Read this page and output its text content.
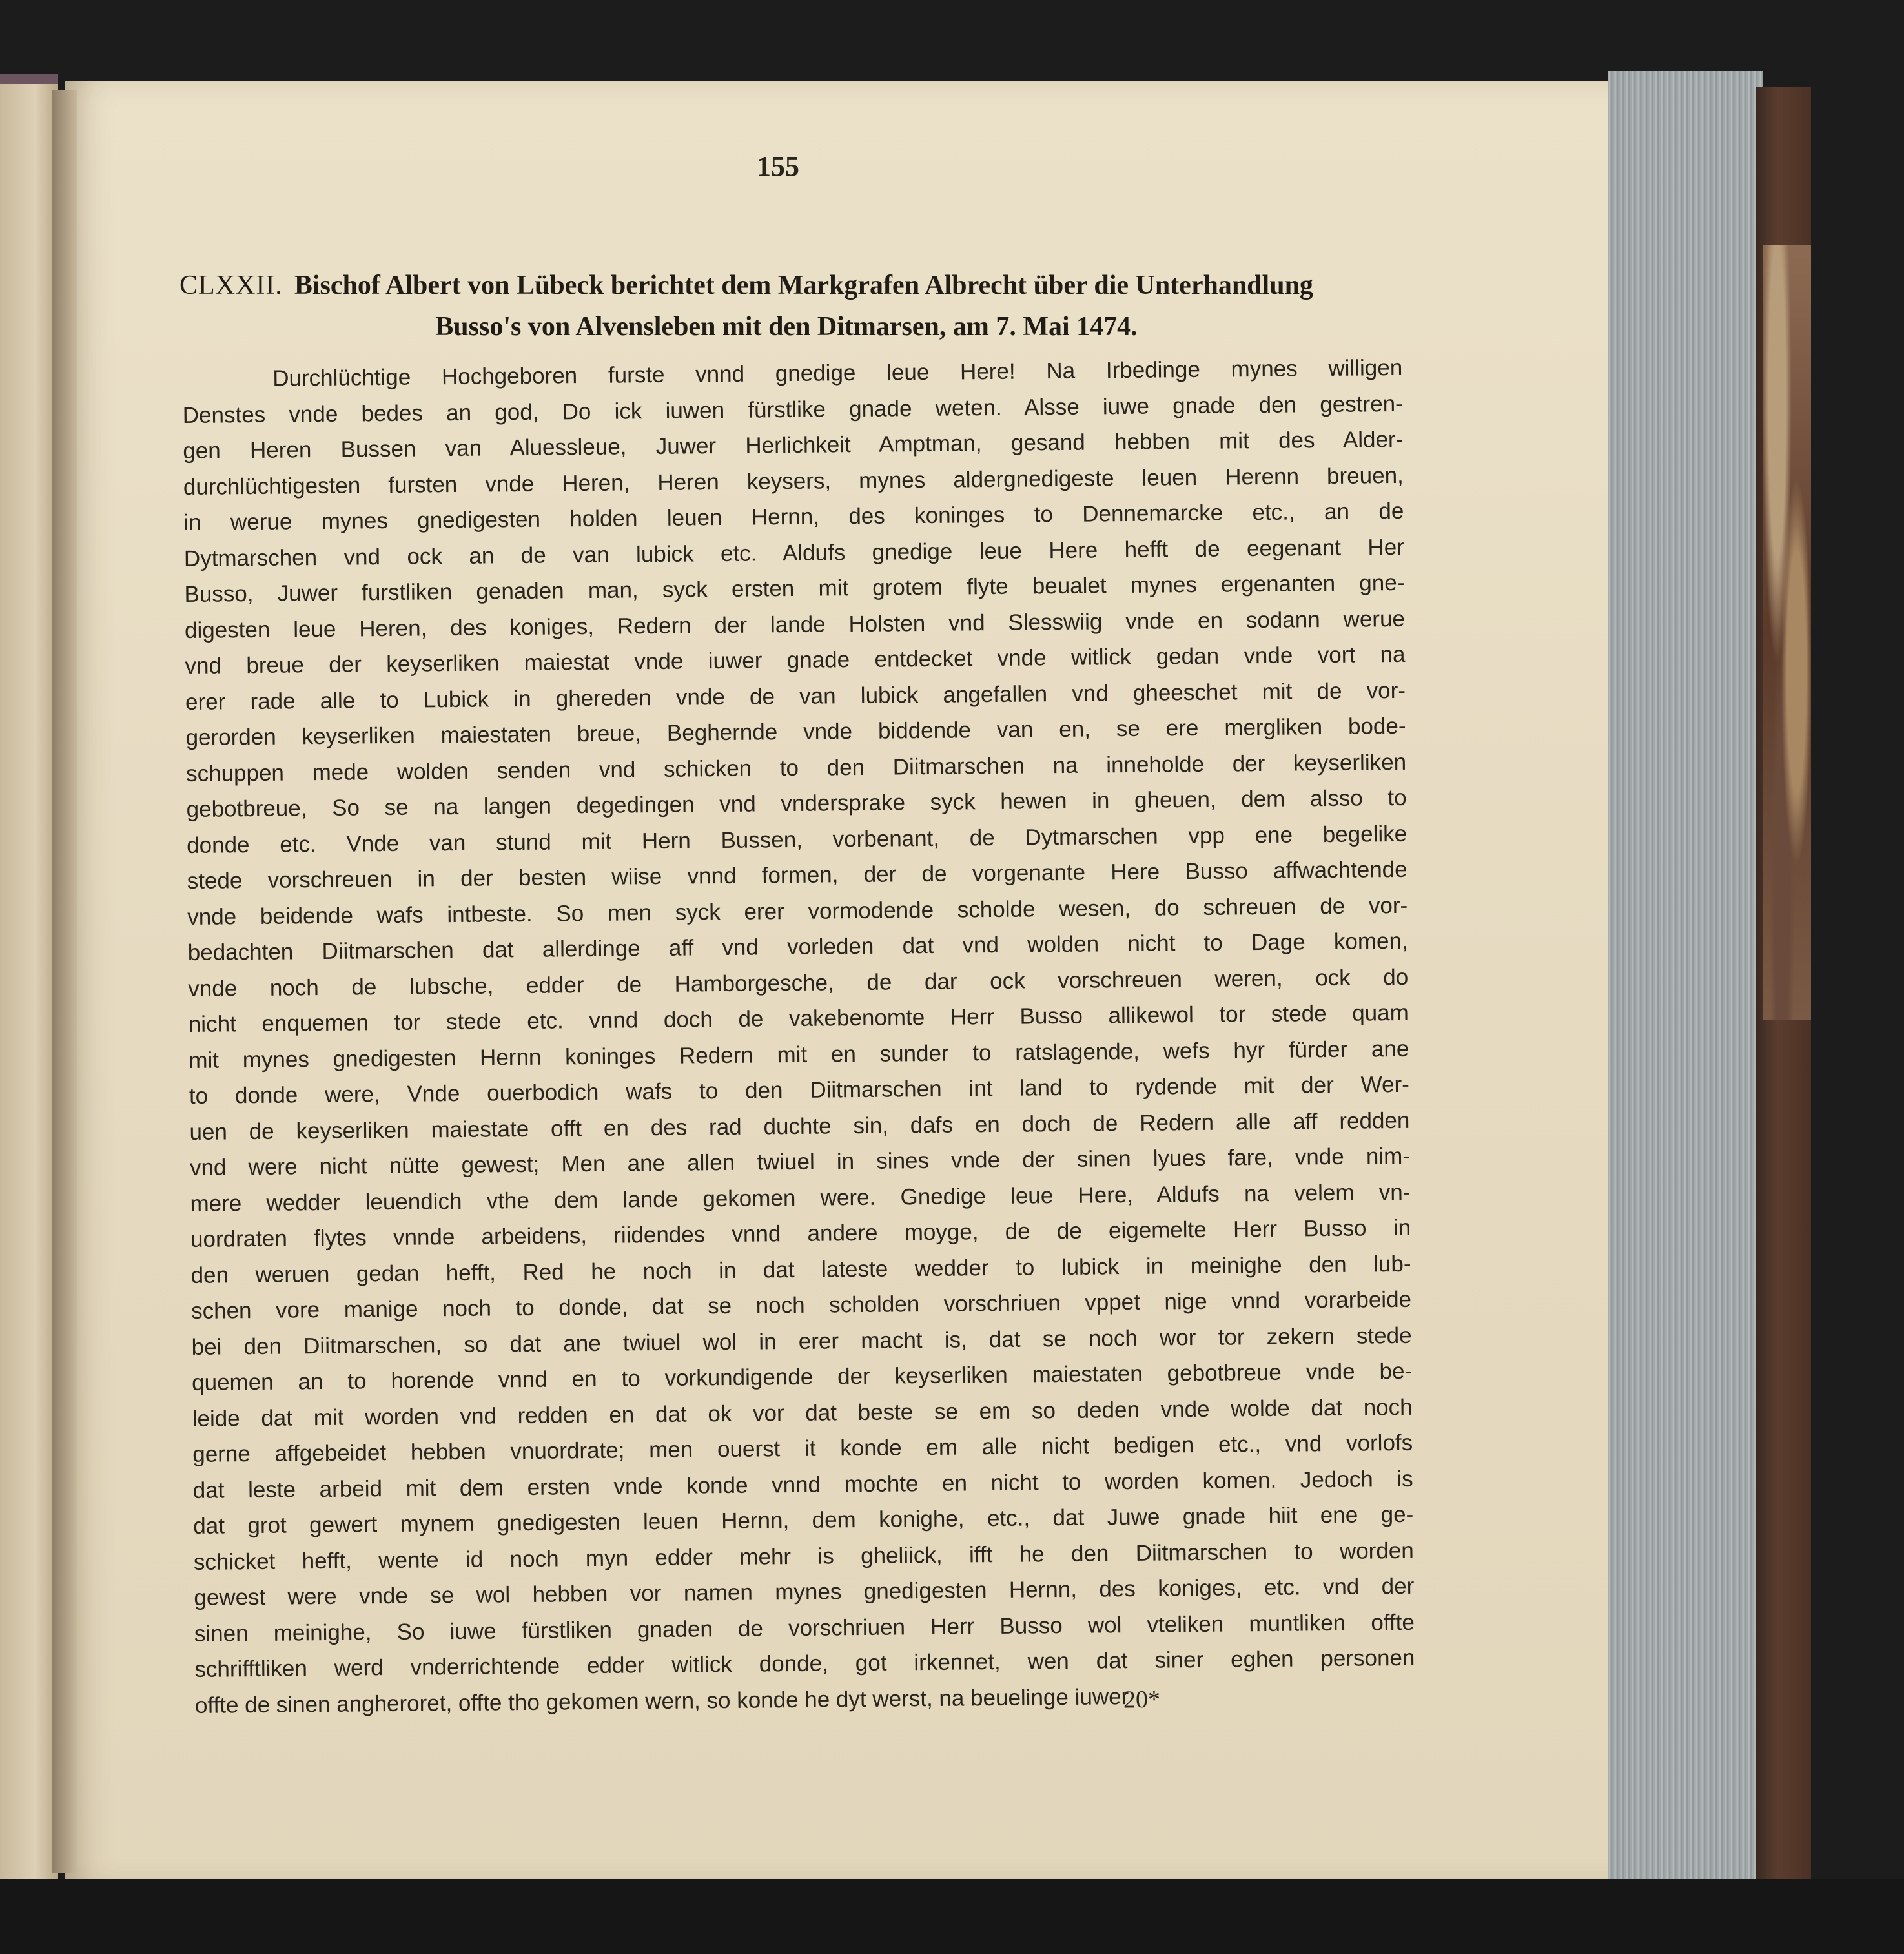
155
CLXXII. Bischof Albert von Lübeck berichtet dem Markgrafen Albrecht über die Unterhandlung
Busso's von Alvensleben mit den Ditmarsen, am 7. Mai 1474.
Durchlüchtige Hochgeboren furste vnnd gnedige leue Here! Na Irbedinge mynes willigen
Denstes vnde bedes an god, Do ick iuwen fürstlike gnade weten. Alsse iuwe gnade den gestren-
gen Heren Bussen van Aluessleue, Juwer Herlichkeit Amptman, gesand hebben mit des Alder-
durchlüchtigesten fursten vnde Heren, Heren keysers, mynes aldergnedigeste leuen Herenn breuen,
in werue mynes gnedigesten holden leuen Hernn, des koninges to Dennemarcke etc., an de
Dytmarschen vnd ock an de van lubick etc. Aldufs gnedige leue Here hefft de eegenant Her
Busso, Juwer furstliken genaden man, syck ersten mit grotem flyte beualet mynes ergenanten gne-
digesten leue Heren, des koniges, Redern der lande Holsten vnd Slesswiig vnde en sodann werue
vnd breue der keyserliken maiestat vnde iuwer gnade entdecket vnde witlick gedan vnde vort na
erer rade alle to Lubick in ghereden vnde de van lubick angefallen vnd gheeschet mit de vor-
gerorden keyserliken maiestaten breue, Beghernde vnde biddende van en, se ere mergliken bode-
schuppen mede wolden senden vnd schicken to den Diitmarschen na inneholde der keyserliken
gebotbreue, So se na langen degedingen vnd vndersprake syck hewen in gheuen, dem alsso to
donde etc. Vnde van stund mit Hern Bussen, vorbenant, de Dytmarschen vpp ene begelike
stede vorschreuen in der besten wiise vnnd formen, der de vorgenante Here Busso affwachtende
vnde beidende wafs intbeste. So men syck erer vormodende scholde wesen, do schreuen de vor-
bedachten Diitmarschen dat allerdinge aff vnd vorleden dat vnd wolden nicht to Dage komen,
vnde noch de lubsche, edder de Hamborgesche, de dar ock vorschreuen weren, ock do
nicht enquemen tor stede etc. vnnd doch de vakebenomte Herr Busso allikewol tor stede quam
mit mynes gnedigesten Hernn koninges Redern mit en sunder to ratslagende, wefs hyr fürder ane
to donde were, Vnde ouerbodich wafs to den Diitmarschen int land to rydende mit der Wer-
uen de keyserliken maiestate offt en des rad duchte sin, dafs en doch de Redern alle aff redden
vnd were nicht nütte gewest; Men ane allen twiuel in sines vnde der sinen lyues fare, vnde nim-
mere wedder leuendich vthe dem lande gekomen were. Gnedige leue Here, Aldufs na velem vn-
uordraten flytes vnnde arbeidens, riidendes vnnd andere moyge, de de eigemelte Herr Busso in
den weruen gedan hefft, Red he noch in dat lateste wedder to lubick in meinighe den lub-
schen vore manige noch to donde, dat se noch scholden vorschriuen vppet nige vnnd vorarbeide
bei den Diitmarschen, so dat ane twiuel wol in erer macht is, dat se noch wor tor zekern stede
quemen an to horende vnnd en to vorkundigende der keyserliken maiestaten gebotbreue vnde be-
leide dat mit worden vnd redden en dat ok vor dat beste se em so deden vnde wolde dat noch
gerne affgebeidet hebben vnuordrate; men ouerst it konde em alle nicht bedigen etc., vnd vorlofs
dat leste arbeid mit dem ersten vnde konde vnnd mochte en nicht to worden komen. Jedoch is
dat grot gewert mynem gnedigesten leuen Hernn, dem konighe, etc., dat Juwe gnade hiit ene ge-
schicket hefft, wente id noch myn edder mehr is gheliick, ifft he den Diitmarschen to worden
gewest were vnde se wol hebben vor namen mynes gnedigesten Hernn, des koniges, etc. vnd der
sinen meinighe, So iuwe fürstliken gnaden de vorschriuen Herr Busso wol vteliken muntliken offte
schrifftliken werd vnderrichtende edder witlick donde, got irkennet, wen dat siner eghen personen
offte de sinen angheroret, offte tho gekomen wern, so konde he dyt werst, na beuelinge iuwer
20*
